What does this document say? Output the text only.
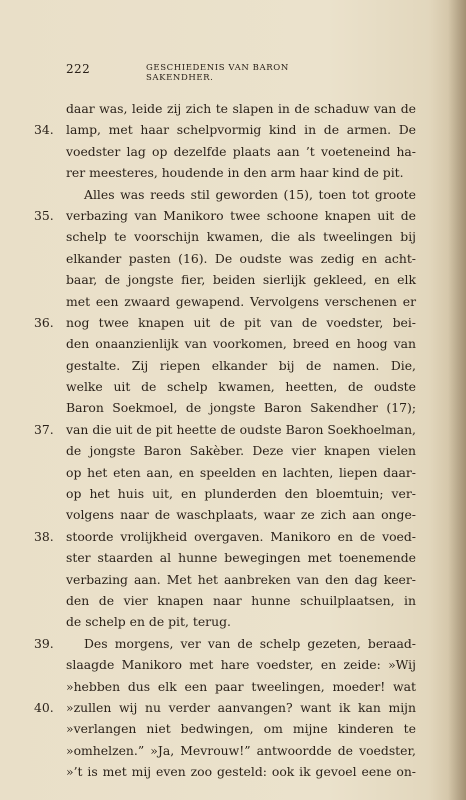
222	GESCHIEDENIS VAN BARON SAKENDHER.
daar was, leide zij zich te slapen in de schaduw van de
34. lamp, met haar schelpvormig kind in de armen. De
voedster lag op dezelfde plaats aan ’t voeteneind ha-
rer meesteres, houdende in den arm haar kind de pit.
Alles was reeds stil geworden (15), toen tot groote
35. verbazing van Manikoro twee schoone knapen uit de
schelp te voorschijn kwamen, die als tweelingen bij
elkander pasten (16). De oudste was zedig en acht-
baar, de jongste fier, beiden sierlijk gekleed, en elk
met een zwaard gewapend. Vervolgens verschenen er
36. nog twee knapen uit de pit van de voedster, bei-
den onaanzienlijk van voorkomen, breed en hoog van
gestalte. Zij riepen elkander bij de namen. Die,
welke uit de schelp kwamen, heetten, de oudste
Baron Soekmoel, de jongste Baron Sakendher (17);
37. van die uit de pit heette de oudste Baron Soekhoelman,
de jongste Baron Sakèber. Deze vier knapen vielen
op het eten aan, en speelden en lachten, liepen daar-
op het huis uit, en plunderden den bloemtuin; ver-
volgens naar de waschplaats, waar ze zich aan onge-
38. stoorde vrolijkheid overgaven. Manikoro en de voed-
ster staarden al hunne bewegingen met toenemende
verbazing aan. Met het aanbreken van den dag keer-
den de vier knapen naar hunne schuilplaatsen, in
de schelp en de pit, terug.
39. Des morgens, ver van de schelp gezeten, beraad-
slaagde Manikoro met hare voedster, en zeide: »Wij
»hebben dus elk een paar tweelingen, moeder! wat
40. »zullen wij nu verder aanvangen? want ik kan mijn
»verlangen niet bedwingen, om mijne kinderen te
»omhelzen.” »Ja, Mevrouw!” antwoordde de voedster,
»’t is met mij even zoo gesteld: ook ik gevoel eene on-
